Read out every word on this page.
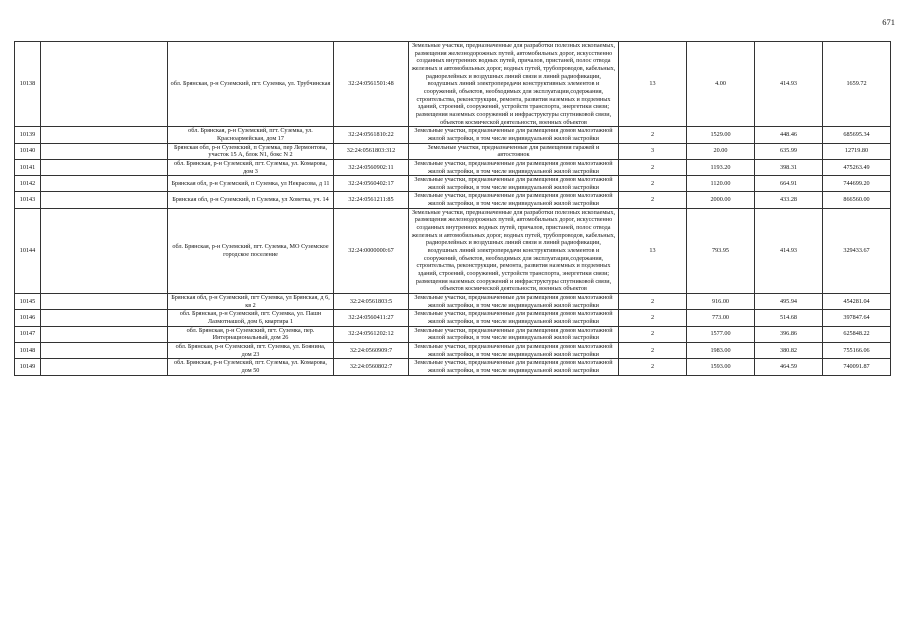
671
10138		обл. Брянская, р-н Суземский, пгт. Суземка, ул. Трубчинская	32:24:0561501:48	Земельные участки, предназначенные для разработки полезных ископаемых, размещения железнодорожных путей, автомобильных дорог, искусственно созданных внутренних водных путей, причалов, пристаней, полос отвода железных и автомобильных дорог, водных путей, трубопроводов, кабельных, радиорелейных и воздушных линий связи и линий радиофикации, воздушных линий электропередачи конструктивных элементов и сооружений, объектов, необходимых для эксплуатации,содержания, строительства, реконструкции, ремонта, развития наземных и подземных зданий, строений, сооружений, устройств транспорта, энергетики связи; размещения наземных сооружений и инфраструктуры спутниковой связи, объектов космической деятельности, военных объектов	13	4.00	414.93	1659.72
10139		обл. Брянская, р-н Суземский, пгт. Суземка, ул. Красноармейская, дом 17	32:24:0561810:22	Земельные участки, предназначенные для размещения домов малоэтажной жилой застройки, в том числе индивидуальной жилой застройки	2	1529.00	448.46	685695.34
10140		Брянская обл, р-н Суземский, п Суземка, пер Лермонтова, участок 15 А, блок N1, бокс N 2	32:24:0561803:312	Земельные участки, предназначенные для размещения гаражей и автостоянок	3	20.00	635.99	12719.80
10141		обл. Брянская, р-н Суземский, пгт. Суземка, ул. Комарова, дом 3	32:24:0560902:11	Земельные участки, предназначенные для размещения домов малоэтажной жилой застройки, в том числе индивидуальной жилой застройки	2	1193.20	398.31	475263.49
10142		Брянская обл, р-н Суземский, п Суземка, ул Некрасова, д 11	32:24:0560402:17	Земельные участки, предназначенные для размещения домов малоэтажной жилой застройки, в том числе индивидуальной жилой застройки	2	1120.00	664.91	744699.20
10143		Брянская обл, р-н Суземский, п Суземка, ул Ховетка, уч. 14	32:24:0561211:85	Земельные участки, предназначенные для размещения домов малоэтажной жилой застройки, в том числе индивидуальной жилой застройки	2	2000.00	433.28	866560.00
10144		обл. Брянская, р-н Суземский, пгт. Суземка, МО Суземское городское поселение	32:24:0000000:67	Земельные участки, предназначенные для разработки полезных ископаемых, размещения железнодорожных путей, автомобильных дорог, искусственно созданных внутренних водных путей, причалов, пристаней, полос отвода железных и автомобильных дорог, водных путей, трубопроводов, кабельных, радиорелейных и воздушных линий связи и линий радиофикации, воздушных линий электропередачи конструктивных элементов и сооружений, объектов, необходимых для эксплуатации,содержания, строительства, реконструкции, ремонта, развития наземных и подземных зданий, строений, сооружений, устройств транспорта, энергетики связи; размещения наземных сооружений и инфраструктуры спутниковой связи, объектов космической деятельности, военных объектов	13	793.95	414.93	329433.67
10145		Брянская обл, р-н Суземский, пгт Суземка, ул Брянская, д 6, кв 2	32:24:0561803:5	Земельные участки, предназначенные для размещения домов малоэтажной жилой застройки, в том числе индивидуальной жилой застройки	2	916.00	495.94	454281.04
10146		обл. Брянская, р-н Суземский, пгт. Суземка, ул. Пашн Лазмотнашой, дом 6, квартира 1	32:24:0560411:27	Земельные участки, предназначенные для размещения домов малоэтажной жилой застройки, в том числе индивидуальной жилой застройки	2	773.00	514.68	397847.64
10147		обл. Брянская, р-н Суземский, пгт. Суземка, пер. Интернациональный, дом 26	32:24:0561202:12	Земельные участки, предназначенные для размещения домов малоэтажной жилой застройки, в том числе индивидуальной жилой застройки	2	1577.00	396.86	625848.22
10148		обл. Брянская, р-н Суземский, пгт. Суземка, ул. Боянина, дом 23	32:24:0560909:7	Земельные участки, предназначенные для размещения домов малоэтажной жилой застройки, в том числе индивидуальной жилой застройки	2	1983.00	380.82	755166.06
10149		обл. Брянская, р-н Суземский, пгт. Суземка, ул. Комарова, дом 50	32:24:0560802:7	Земельные участки, предназначенные для размещения домов малоэтажной жилой застройки, в том числе индивидуальной жилой застройки	2	1593.00	464.59	740091.87
